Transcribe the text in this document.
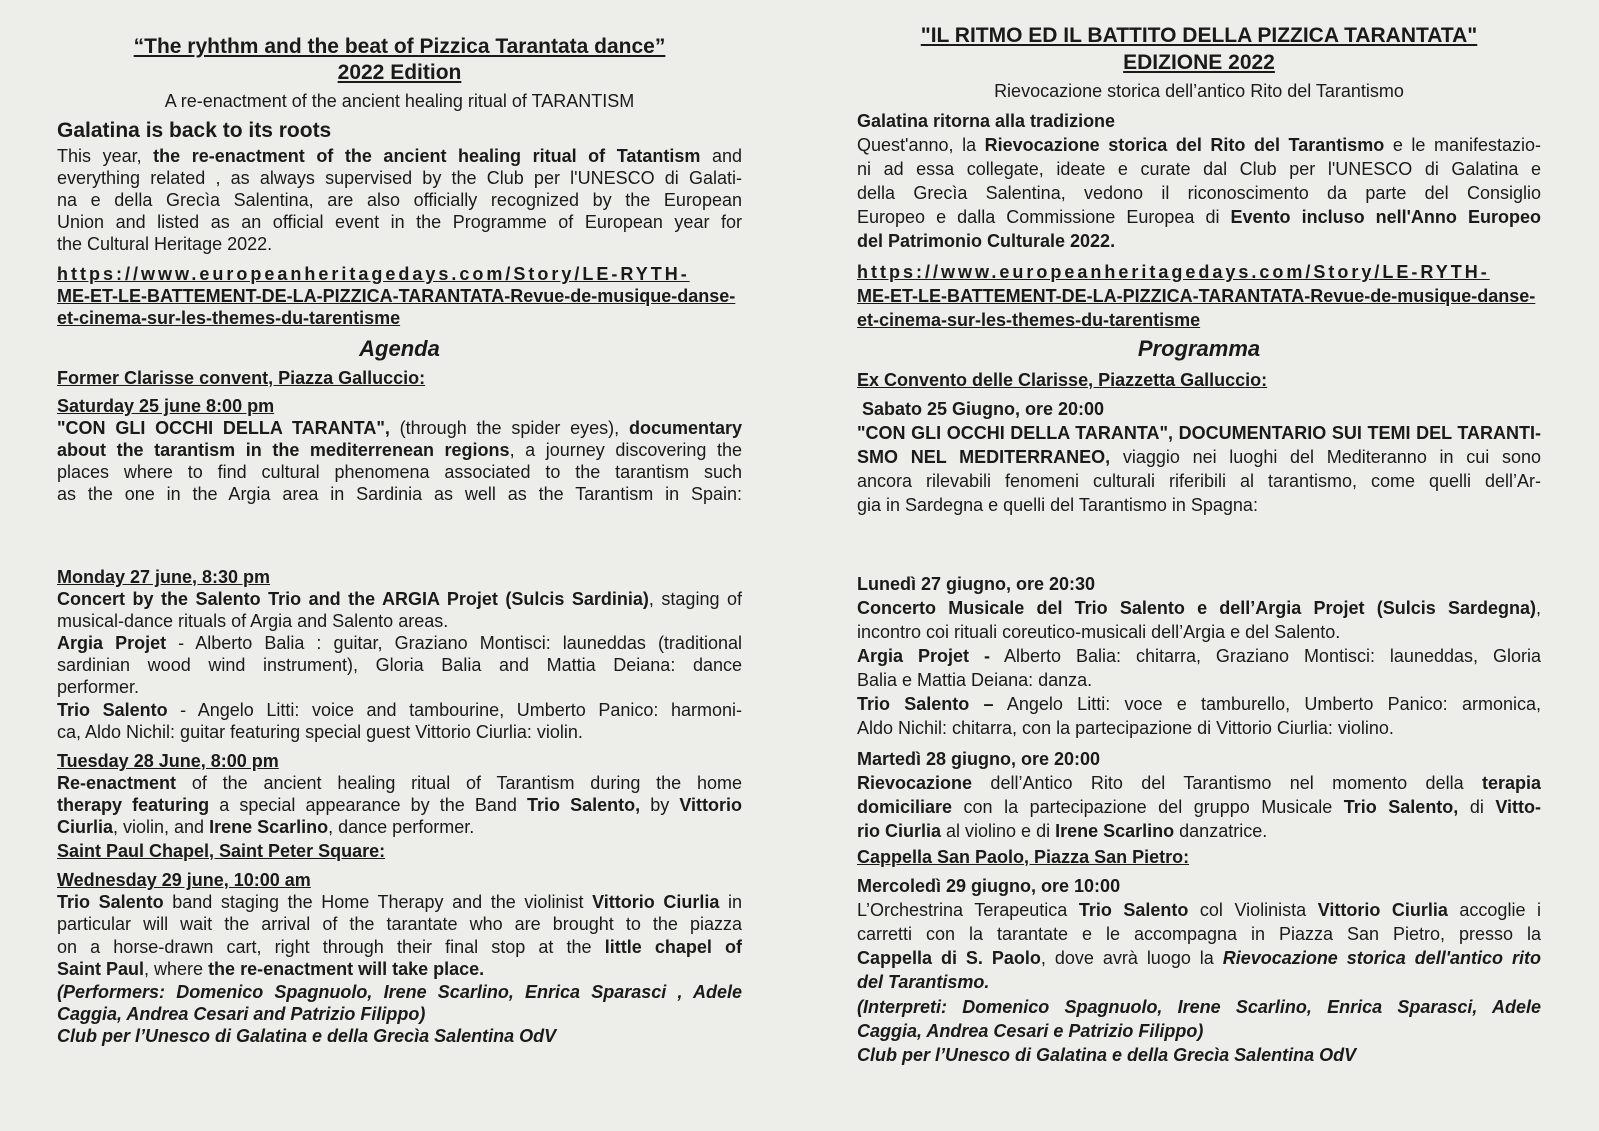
“The ryhthm and the beat of Pizzica Tarantata dance”
2022 Edition
A re-enactment of the ancient healing ritual of TARANTISM
Galatina is back to its roots
This year, the re-enactment of the ancient healing ritual of Tatantism and
everything related , as always supervised by the Club per l'UNESCO di Galati-
na e della Grecìa Salentina, are also officially recognized by the European
Union and listed as an official event in the Programme of European year for
the Cultural Heritage 2022.
https://www.europeanheritagedays.com/Story/LE-RYTH-
ME-ET-LE-BATTEMENT-DE-LA-PIZZICA-TARANTATA-Revue-de-musique-danse-
et-cinema-sur-les-themes-du-tarentisme
Agenda
Former Clarisse convent, Piazza Galluccio:
Saturday 25 june 8:00 pm
"CON GLI OCCHI DELLA TARANTA", (through the spider eyes), documentary
about the tarantism in the mediterrenean regions, a journey discovering the
places where to find cultural phenomena associated to the tarantism such
as the one in the Argia area in Sardinia as well as the Tarantism in Spain:
Monday 27 june, 8:30 pm
Concert by the Salento Trio and the ARGIA Projet (Sulcis Sardinia), staging of
musical-dance rituals of Argia and Salento areas.
Argia Projet - Alberto Balia : guitar, Graziano Montisci: launeddas (traditional
sardinian wood wind instrument), Gloria Balia and Mattia Deiana: dance
performer.
Trio Salento - Angelo Litti: voice and tambourine, Umberto Panico: harmoni-
ca, Aldo Nichil: guitar featuring special guest Vittorio Ciurlia: violin.
Tuesday 28 June, 8:00 pm
Re-enactment of the ancient healing ritual of Tarantism during the home
therapy featuring a special appearance by the Band Trio Salento, by Vittorio
Ciurlia, violin, and Irene Scarlino, dance performer.
Saint Paul Chapel, Saint Peter Square:
Wednesday 29 june, 10:00 am
Trio Salento band staging the Home Therapy and the violinist Vittorio Ciurlia in
particular will wait the arrival of the tarantate who are brought to the piazza
on a horse-drawn cart, right through their final stop at the little chapel of
Saint Paul, where the re-enactment will take place.
(Performers: Domenico Spagnuolo, Irene Scarlino, Enrica Sparasci , Adele
Caggia, Andrea Cesari and Patrizio Filippo)
Club per l’Unesco di Galatina e della Grecìa Salentina OdV
"IL RITMO ED IL BATTITO DELLA PIZZICA TARANTATA"
EDIZIONE 2022
Rievocazione storica dell’antico Rito del Tarantismo
Galatina ritorna alla tradizione
Quest'anno, la Rievocazione storica del Rito del Tarantismo e le manifestazio-
ni ad essa collegate, ideate e curate dal Club per l'UNESCO di Galatina e
della Grecìa Salentina, vedono il riconoscimento da parte del Consiglio
Europeo e dalla Commissione Europea di Evento incluso nell'Anno Europeo
del Patrimonio Culturale 2022.
https://www.europeanheritagedays.com/Story/LE-RYTH-
ME-ET-LE-BATTEMENT-DE-LA-PIZZICA-TARANTATA-Revue-de-musique-danse-
et-cinema-sur-les-themes-du-tarentisme
Programma
Ex Convento delle Clarisse, Piazzetta Galluccio:
Sabato 25 Giugno, ore 20:00
"CON GLI OCCHI DELLA TARANTA", DOCUMENTARIO SUI TEMI DEL TARANTI-
SMO NEL MEDITERRANEO, viaggio nei luoghi del Mediteranno in cui sono
ancora rilevabili fenomeni culturali riferibili al tarantismo, come quelli dell’Ar-
gia in Sardegna e quelli del Tarantismo in Spagna:
Lunedì 27 giugno, ore 20:30
Concerto Musicale del Trio Salento e dell’Argia Projet (Sulcis Sardegna),
incontro coi rituali coreutico-musicali dell’Argia e del Salento.
Argia Projet - Alberto Balia: chitarra, Graziano Montisci: launeddas, Gloria
Balia e Mattia Deiana: danza.
Trio Salento – Angelo Litti: voce e tamburello, Umberto Panico: armonica,
Aldo Nichil: chitarra, con la partecipazione di Vittorio Ciurlia: violino.
Martedì 28 giugno, ore 20:00
Rievocazione dell’Antico Rito del Tarantismo nel momento della terapia
domiciliare con la partecipazione del gruppo Musicale Trio Salento, di Vitto-
rio Ciurlia al violino e di Irene Scarlino danzatrice.
Cappella San Paolo, Piazza San Pietro:
Mercoledì 29 giugno, ore 10:00
L’Orchestrina Terapeutica Trio Salento col Violinista Vittorio Ciurlia accoglie i
carretti con la tarantate e le accompagna in Piazza San Pietro, presso la
Cappella di S. Paolo, dove avrà luogo la Rievocazione storica dell'antico rito
del Tarantismo.
(Interpreti: Domenico Spagnuolo, Irene Scarlino, Enrica Sparasci, Adele
Caggia, Andrea Cesari e Patrizio Filippo)
Club per l’Unesco di Galatina e della Grecìa Salentina OdV
